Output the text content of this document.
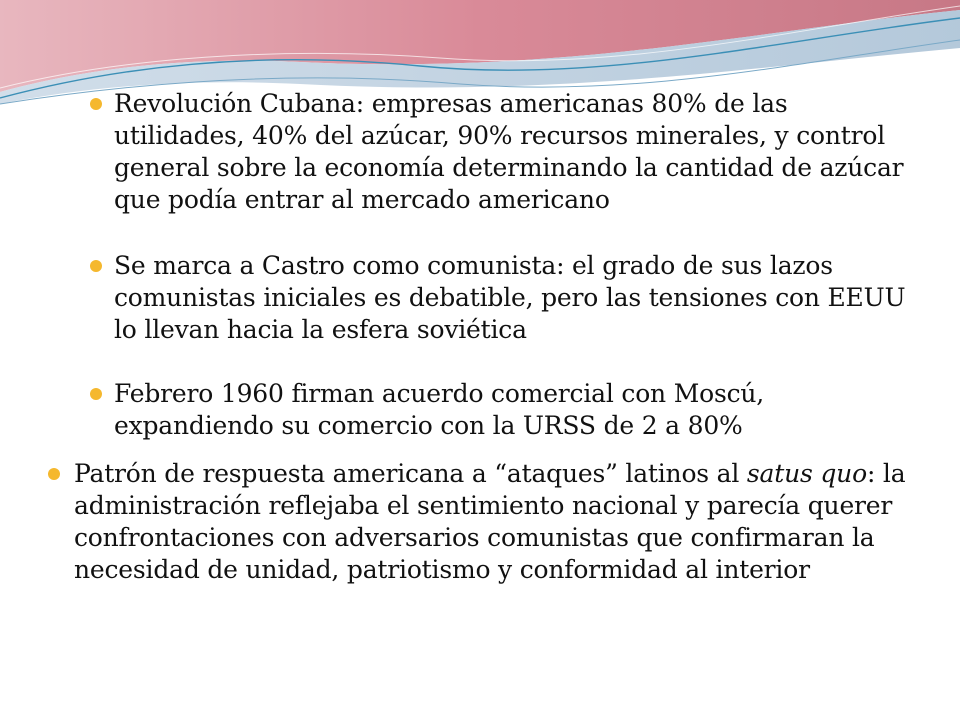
Revolución Cubana: empresas americanas 80% de las utilidades, 40% del azúcar, 90% recursos minerales, y control general sobre la economía determinando la cantidad de azúcar que podía entrar al mercado americano
Se marca a Castro como comunista: el grado de sus lazos comunistas iniciales es debatible, pero las tensiones con EEUU lo llevan hacia la esfera soviética
Febrero 1960 firman acuerdo comercial con Moscú, expandiendo su comercio con la URSS de 2 a 80%
Patrón de respuesta americana a “ataques” latinos al satus quo: la administración reflejaba el sentimiento nacional y parecía querer confrontaciones con adversarios comunistas que confirmaran la necesidad de unidad, patriotismo y conformidad al interior
